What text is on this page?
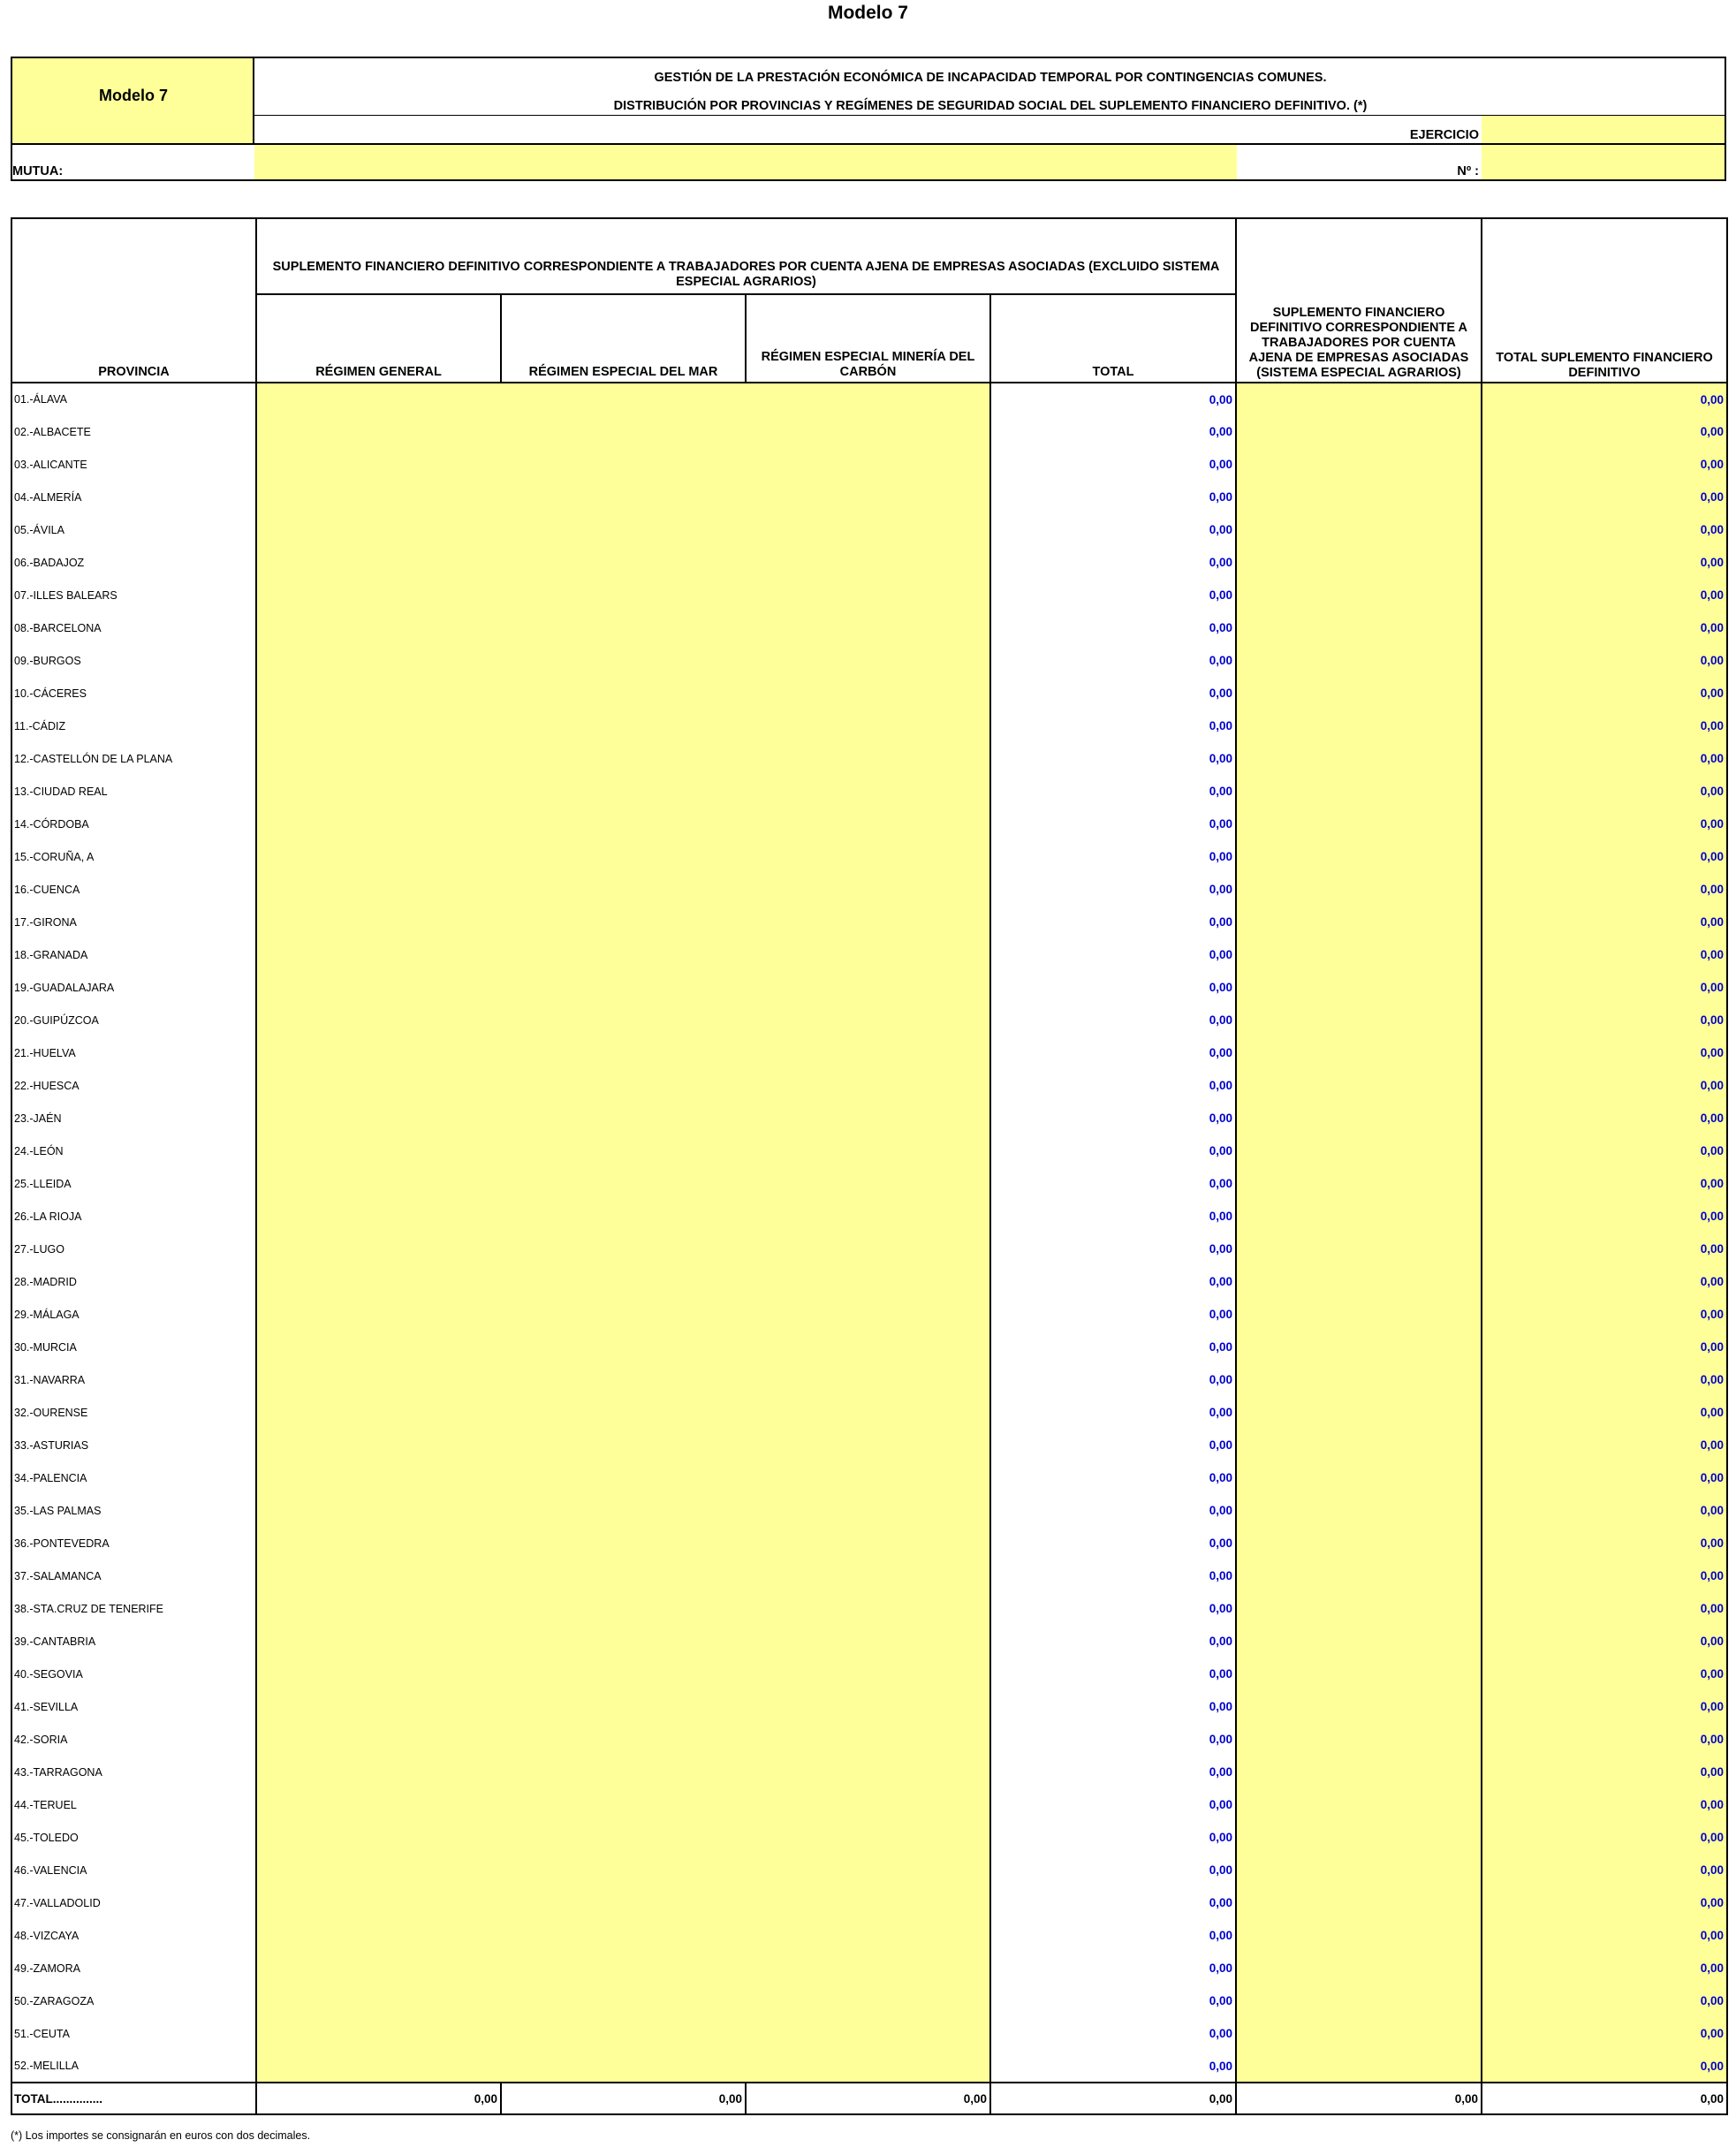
Modelo 7
Modelo 7
GESTIÓN DE LA PRESTACIÓN ECONÓMICA DE INCAPACIDAD TEMPORAL POR CONTINGENCIAS COMUNES.
DISTRIBUCIÓN POR PROVINCIAS Y REGÍMENES DE SEGURIDAD SOCIAL DEL SUPLEMENTO FINANCIERO DEFINITIVO. (*)
EJERCICIO
MUTUA:	Nº :
PROVINCIA	SUPLEMENTO FINANCIERO DEFINITIVO CORRESPONDIENTE A TRABAJADORES POR CUENTA AJENA DE EMPRESAS ASOCIADAS (EXCLUIDO SISTEMA ESPECIAL AGRARIOS)				SUPLEMENTO FINANCIERO DEFINITIVO CORRESPONDIENTE A TRABAJADORES POR CUENTA AJENA DE EMPRESAS ASOCIADAS (SISTEMA ESPECIAL AGRARIOS)	TOTAL SUPLEMENTO FINANCIERO DEFINITIVO
	RÉGIMEN GENERAL	RÉGIMEN ESPECIAL DEL MAR	RÉGIMEN ESPECIAL MINERÍA DEL CARBÓN	TOTAL		
01.-ÁLAVA				0,00		0,00
02.-ALBACETE				0,00		0,00
03.-ALICANTE				0,00		0,00
04.-ALMERÍA				0,00		0,00
05.-ÁVILA				0,00		0,00
06.-BADAJOZ				0,00		0,00
07.-ILLES BALEARS				0,00		0,00
08.-BARCELONA				0,00		0,00
09.-BURGOS				0,00		0,00
10.-CÁCERES				0,00		0,00
11.-CÁDIZ				0,00		0,00
12.-CASTELLÓN DE LA PLANA				0,00		0,00
13.-CIUDAD REAL				0,00		0,00
14.-CÓRDOBA				0,00		0,00
15.-CORUÑA, A				0,00		0,00
16.-CUENCA				0,00		0,00
17.-GIRONA				0,00		0,00
18.-GRANADA				0,00		0,00
19.-GUADALAJARA				0,00		0,00
20.-GUIPÚZCOA				0,00		0,00
21.-HUELVA				0,00		0,00
22.-HUESCA				0,00		0,00
23.-JAÉN				0,00		0,00
24.-LEÓN				0,00		0,00
25.-LLEIDA				0,00		0,00
26.-LA RIOJA				0,00		0,00
27.-LUGO				0,00		0,00
28.-MADRID				0,00		0,00
29.-MÁLAGA				0,00		0,00
30.-MURCIA				0,00		0,00
31.-NAVARRA				0,00		0,00
32.-OURENSE				0,00		0,00
33.-ASTURIAS				0,00		0,00
34.-PALENCIA				0,00		0,00
35.-LAS PALMAS				0,00		0,00
36.-PONTEVEDRA				0,00		0,00
37.-SALAMANCA				0,00		0,00
38.-STA.CRUZ DE TENERIFE				0,00		0,00
39.-CANTABRIA				0,00		0,00
40.-SEGOVIA				0,00		0,00
41.-SEVILLA				0,00		0,00
42.-SORIA				0,00		0,00
43.-TARRAGONA				0,00		0,00
44.-TERUEL				0,00		0,00
45.-TOLEDO				0,00		0,00
46.-VALENCIA				0,00		0,00
47.-VALLADOLID				0,00		0,00
48.-VIZCAYA				0,00		0,00
49.-ZAMORA				0,00		0,00
50.-ZARAGOZA				0,00		0,00
51.-CEUTA				0,00		0,00
52.-MELILLA				0,00		0,00
TOTAL...............	0,00	0,00	0,00	0,00	0,00	0,00
(*) Los importes se consignarán en euros con dos decimales.
